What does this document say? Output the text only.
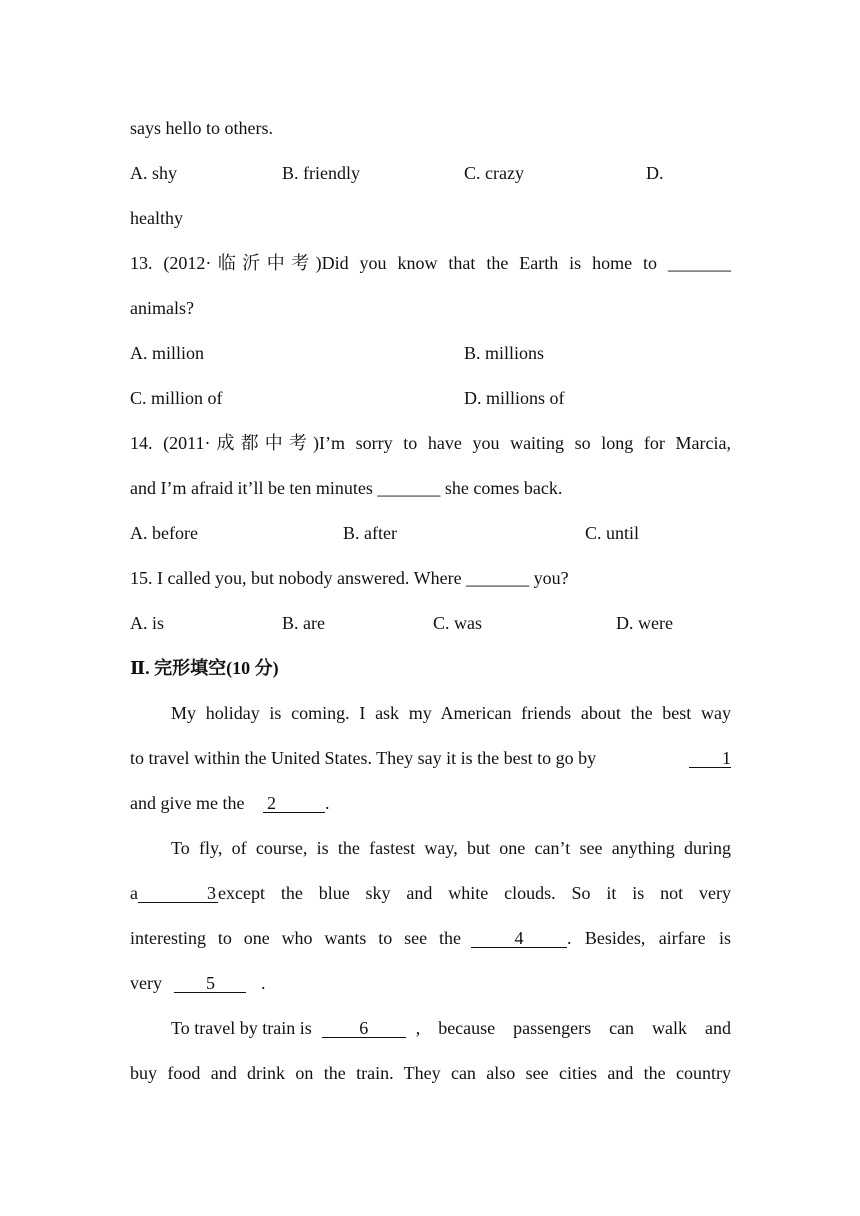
says hello to others.
A. shy	B. friendly	C. crazy	D.
healthy
13. (2012·临沂中考)Did you know that the Earth is home to _______
animals?
A. million	B. millions
C. million of	D. millions of
14. (2011·成都中考)I’m sorry to have you waiting so long for Marcia,
and I’m afraid it’ll be ten minutes _______ she comes back.
A. before	B. after	C. until
15. I called you, but nobody answered. Where _______ you?
A. is	B. are	C. was	D. were
Ⅱ. 完形填空(10 分)
My holiday is coming. I ask my American friends about the best way
to travel within the United States. They say it is the best to go by	1
and give me the 2	.
To fly, of course, is the fastest way, but one can’t see anything during
a	3 except the blue sky and white clouds. So it is not very
interesting to one who wants to see the	4	. Besides, airfare is
very 5	.
To travel by train is	6	, because passengers can walk and
buy food and drink on the train. They can also see cities and the country
